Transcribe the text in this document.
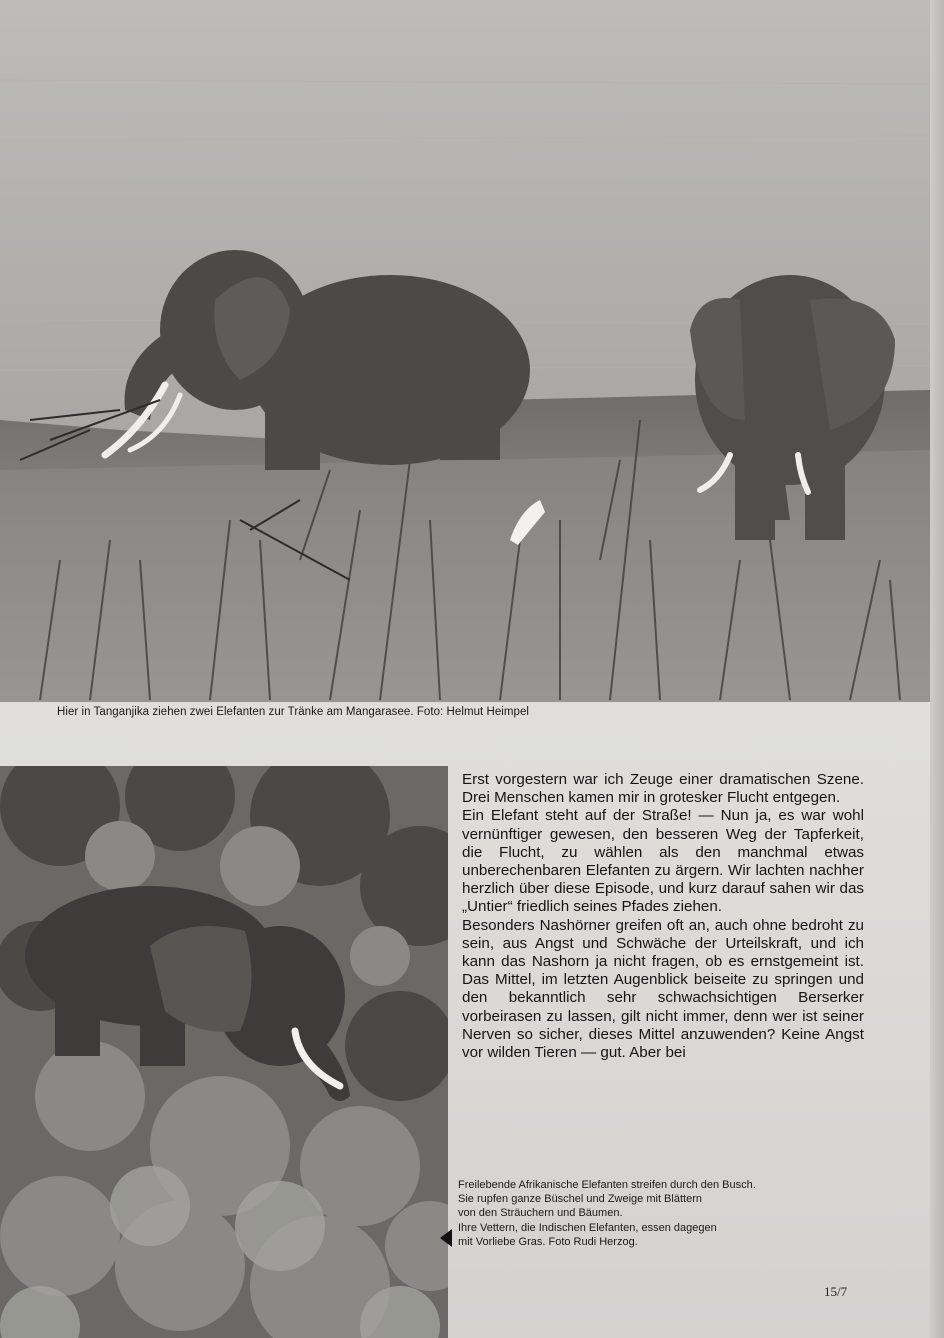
Hier in Tanganjika ziehen zwei Elefanten zur Tränke am Mangarasee. Foto: Helmut Heimpel

Erst vorgestern war ich Zeuge einer dramatischen Szene. Drei Menschen kamen mir in grotesker Flucht entgegen.

Ein Elefant steht auf der Straße! — Nun ja, es war wohl vernünftiger gewesen, den besseren Weg der Tapferkeit, die Flucht, zu wählen als den manchmal etwas unberechenbaren Elefanten zu ärgern. Wir lachten nachher herzlich über diese Episode, und kurz darauf sahen wir das „Untier“ friedlich seines Pfades ziehen.

Besonders Nashörner greifen oft an, auch ohne bedroht zu sein, aus Angst und Schwäche der Urteilskraft, und ich kann das Nashorn ja nicht fragen, ob es ernstgemeint ist. Das Mittel, im letzten Augenblick beiseite zu springen und den bekanntlich sehr schwachsichtigen Berserker vorbeirasen zu lassen, gilt nicht immer, denn wer ist seiner Nerven so sicher, dieses Mittel anzuwenden? Keine Angst vor wilden Tieren — gut. Aber bei

Freilebende Afrikanische Elefanten streifen durch den Busch.
Sie rupfen ganze Büschel und Zweige mit Blättern
von den Sträuchern und Bäumen.
Ihre Vettern, die Indischen Elefanten, essen dagegen
mit Vorliebe Gras. Foto Rudi Herzog.
15/7
